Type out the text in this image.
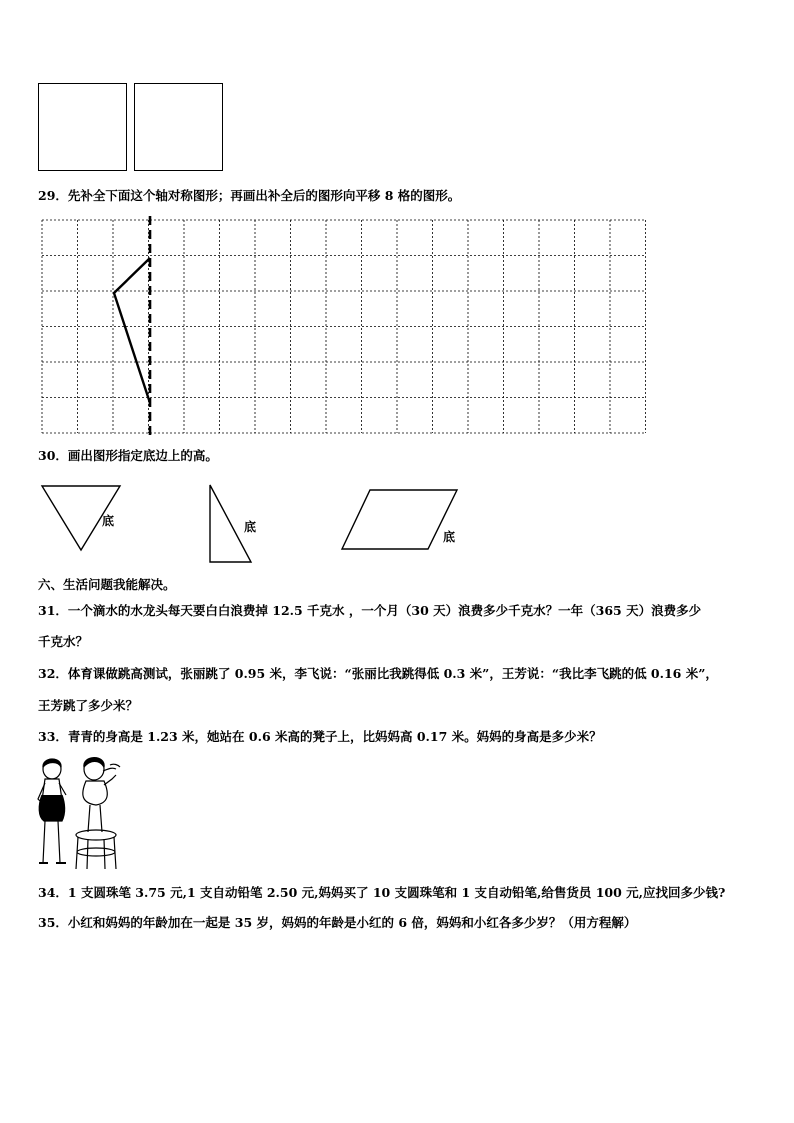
29．先补全下面这个轴对称图形；再画出补全后的图形向平移 8 格的图形。
30．画出图形指定底边上的高。
底	底
底
六、生活问题我能解决。
31．一个滴水的水龙头每天要白白浪费掉 12.5 千克水 ，一个月（30 天）浪费多少千克水？一年（365 天）浪费多少
千克水？
32．体育课做跳高测试，张丽跳了 0.95 米，李飞说：“张丽比我跳得低 0.3 米”，王芳说：“我比李飞跳的低 0.16 米”，
王芳跳了多少米？
33．青青的身高是 1.23 米，她站在 0.6 米高的凳子上，比妈妈高 0.17 米。妈妈的身高是多少米？
34．1 支圆珠笔 3.75 元,1 支自动铅笔 2.50 元,妈妈买了 10 支圆珠笔和 1 支自动铅笔,给售货员 100 元,应找回多少钱?
35．小红和妈妈的年龄加在一起是 35 岁，妈妈的年龄是小红的 6 倍，妈妈和小红各多少岁？（用方程解）
